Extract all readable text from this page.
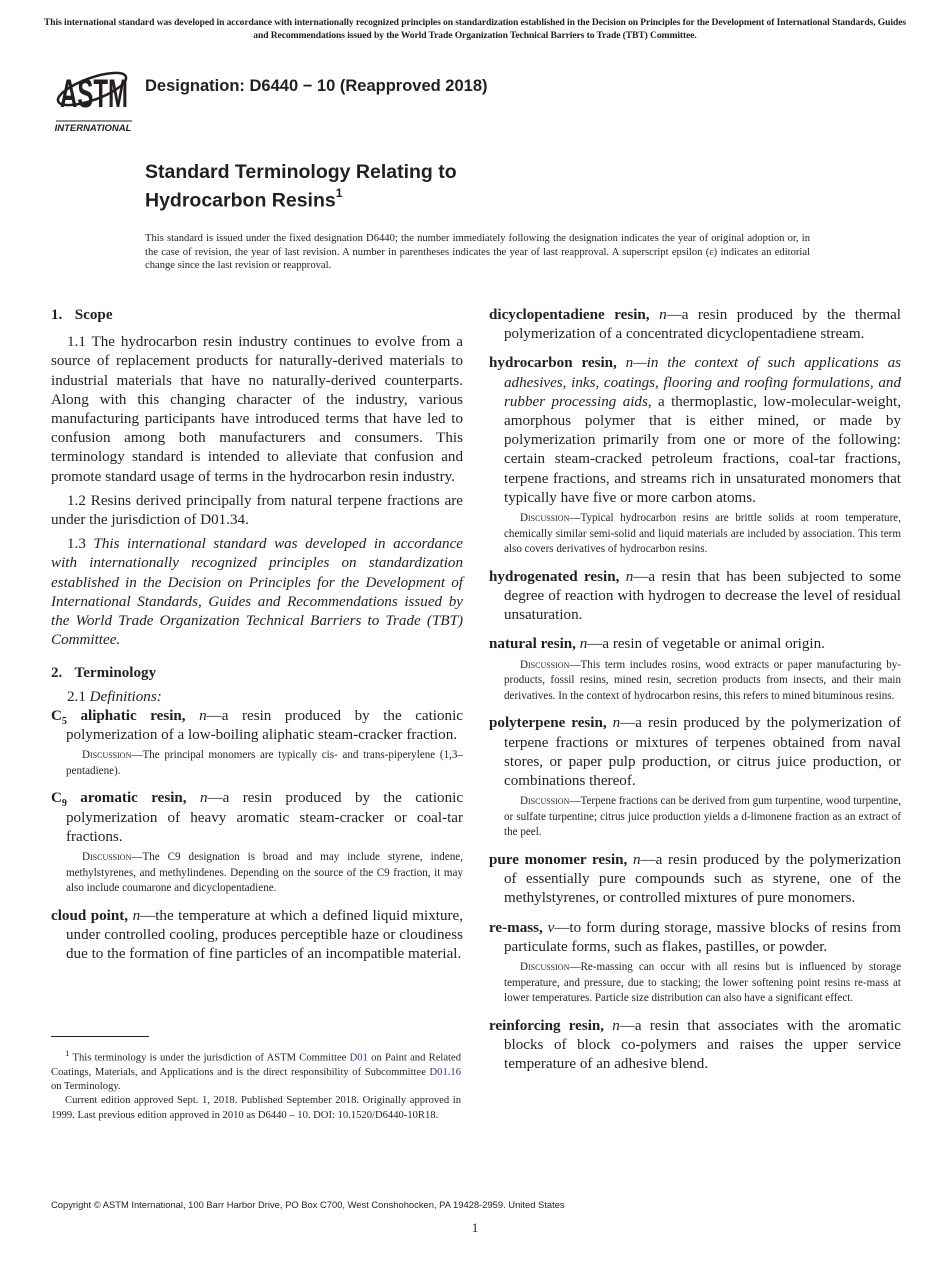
This international standard was developed in accordance with internationally recognized principles on standardization established in the Decision on Principles for the Development of International Standards, Guides and Recommendations issued by the World Trade Organization Technical Barriers to Trade (TBT) Committee.
ASTM
INTERNATIONAL
Designation: D6440 − 10 (Reapproved 2018)
Standard Terminology Relating to
Hydrocarbon Resins$^1$

This standard is issued under the fixed designation D6440; the number immediately following the designation indicates the year of original adoption or, in the case of revision, the year of last revision. A number in parentheses indicates the year of last reapproval. A superscript epsilon (ε) indicates an editorial change since the last revision or reapproval.

1. Scope

1.1 The hydrocarbon resin industry continues to evolve from a source of replacement products for naturally-derived materials to industrial materials that have no naturally-derived counterparts. Along with this changing character of the industry, various manufacturing participants have introduced terms that have led to confusion among both manufacturers and consumers. This terminology standard is intended to alleviate that confusion and promote standard usage of terms in the hydrocarbon resin industry.

1.2 Resins derived principally from natural terpene fractions are under the jurisdiction of D01.34.

1.3 This international standard was developed in accordance with internationally recognized principles on standardization established in the Decision on Principles for the Development of International Standards, Guides and Recommendations issued by the World Trade Organization Technical Barriers to Trade (TBT) Committee.

2. Terminology

2.1 Definitions:

$C_5$ aliphatic resin, n—a resin produced by the cationic polymerization of a low-boiling aliphatic steam-cracker fraction.

Discussion—The principal monomers are typically cis- and trans-piperylene (1,3–pentadiene).

$C_9$ aromatic resin, n—a resin produced by the cationic polymerization of heavy aromatic steam-cracker or coal-tar fractions.

Discussion—The C9 designation is broad and may include styrene, indene, methylstyrenes, and methylindenes. Depending on the source of the C9 fraction, it may also include coumarone and dicyclopentadiene.

cloud point, n—the temperature at which a defined liquid mixture, under controlled cooling, produces perceptible haze or cloudiness due to the formation of fine particles of an incompatible material.

$^1$ This terminology is under the jurisdiction of ASTM Committee D01 on Paint and Related Coatings, Materials, and Applications and is the direct responsibility of Subcommittee D01.16 on Terminology.

Current edition approved Sept. 1, 2018. Published September 2018. Originally approved in 1999. Last previous edition approved in 2010 as D6440 – 10. DOI: 10.1520/D6440-10R18.

dicyclopentadiene resin, n—a resin produced by the thermal polymerization of a concentrated dicyclopentadiene stream.

hydrocarbon resin, n—in the context of such applications as adhesives, inks, coatings, flooring and roofing formulations, and rubber processing aids, a thermoplastic, low-molecular-weight, amorphous polymer that is either mined, or made by polymerization primarily from one or more of the following: certain steam-cracked petroleum fractions, coal-tar fractions, terpene fractions, and streams rich in unsaturated monomers that typically have five or more carbon atoms.

Discussion—Typical hydrocarbon resins are brittle solids at room temperature, chemically similar semi-solid and liquid materials are included by association. This term also covers derivatives of hydrocarbon resins.

hydrogenated resin, n—a resin that has been subjected to some degree of reaction with hydrogen to decrease the level of residual unsaturation.

natural resin, n—a resin of vegetable or animal origin.

Discussion—This term includes rosins, wood extracts or paper manufacturing by-products, fossil resins, mined resin, secretion products from insects, and their main derivatives. In the context of hydrocarbon resins, this refers to mined bituminous resins.

polyterpene resin, n—a resin produced by the polymerization of terpene fractions or mixtures of terpenes obtained from naval stores, or paper pulp production, or citrus juice production, or combinations thereof.

Discussion—Terpene fractions can be derived from gum turpentine, wood turpentine, or sulfate turpentine; citrus juice production yields a d-limonene fraction as an extract of the peel.

pure monomer resin, n—a resin produced by the polymerization of essentially pure compounds such as styrene, one of the methylstyrenes, or controlled mixtures of pure monomers.

re-mass, v—to form during storage, massive blocks of resins from particulate forms, such as flakes, pastilles, or powder.

Discussion—Re-massing can occur with all resins but is influenced by storage temperature, and pressure, due to stacking; the lower softening point resins re-mass at lower temperatures. Particle size distribution can also have a significant effect.

reinforcing resin, n—a resin that associates with the aromatic blocks of block co-polymers and raises the upper service temperature of an adhesive blend.

Copyright © ASTM International, 100 Barr Harbor Drive, PO Box C700, West Conshohocken, PA 19428-2959. United States
1
